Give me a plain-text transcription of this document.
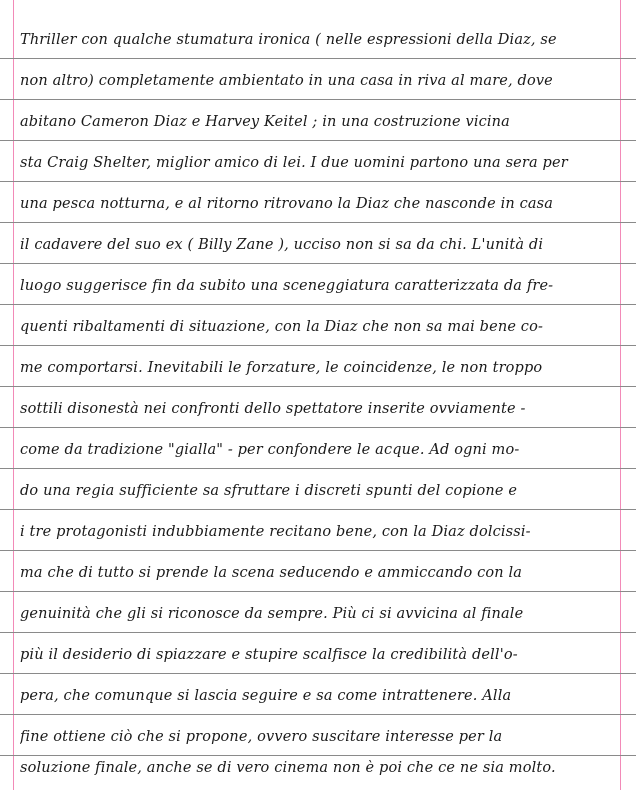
Thriller con qualche stumatura ironica ( nelle espressioni della Diaz, se
non altro) completamente ambientato in una casa in riva al mare, dove
abitano Cameron Diaz e Harvey Keitel ; in una costruzione vicina
sta Craig Shelter, miglior amico di lei. I due uomini partono una sera per
una pesca notturna, e al ritorno ritrovano la Diaz che nasconde in casa
il cadavere del suo ex ( Billy Zane ), ucciso non si sa da chi. L'unità di
luogo suggerisce fin da subito una sceneggiatura caratterizzata da fre-
quenti ribaltamenti di situazione, con la Diaz che non sa mai bene co-
me comportarsi. Inevitabili le forzature, le coincidenze, le non troppo
sottili disonestà nei confronti dello spettatore inserite ovviamente -
come da tradizione "gialla" - per confondere le acque. Ad ogni mo-
do una regia sufficiente sa sfruttare i discreti spunti del copione e
i tre protagonisti indubbiamente recitano bene, con la Diaz dolcissi-
ma che di tutto si prende la scena seducendo e ammiccando con la
genuinità che gli si riconosce da sempre. Più ci si avvicina al finale
più il desiderio di spiazzare e stupire scalfisce la credibilità dell'o-
pera, che comunque si lascia seguire e sa come intrattenere. Alla
fine ottiene ciò che si propone, ovvero suscitare interesse per la
soluzione finale, anche se di vero cinema non è poi che ce ne sia molto.
